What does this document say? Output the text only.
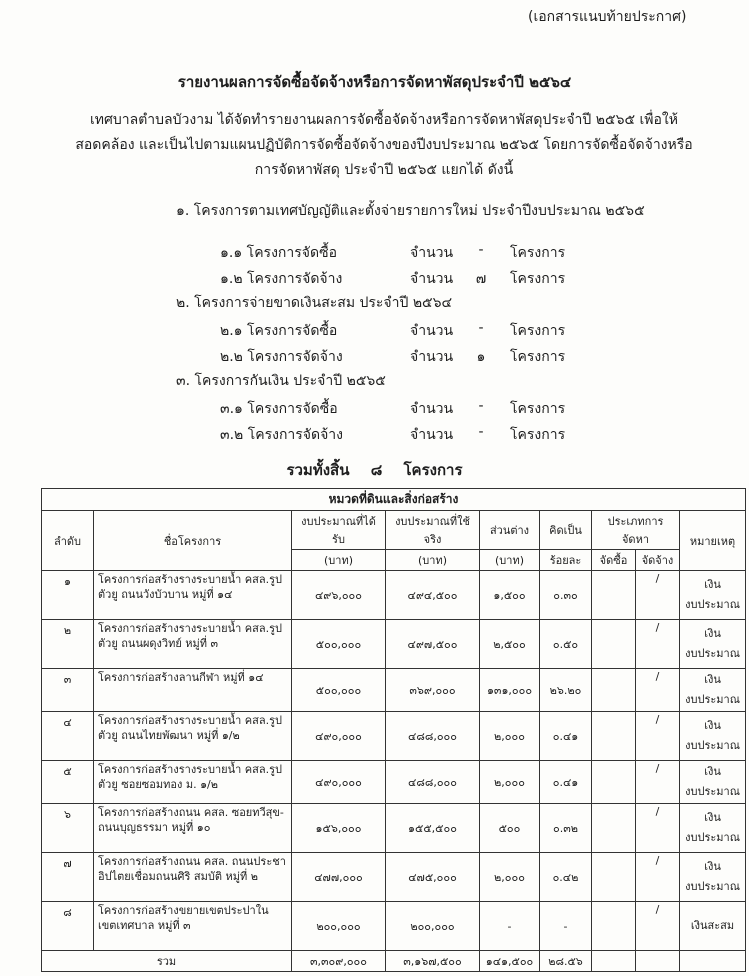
(เอกสารแนบท้ายประกาศ)
รายงานผลการจัดซื้อจัดจ้างหรือการจัดหาพัสดุประจำปี ๒๕๖๔
เทศบาลตำบลบัวงาม ได้จัดทำรายงานผลการจัดซื้อจัดจ้างหรือการจัดหาพัสดุประจำปี ๒๕๖๕ เพื่อให้สอดคล้อง และเป็นไปตามแผนปฏิบัติการจัดซื้อจัดจ้างของปีงบประมาณ ๒๕๖๕ โดยการจัดซื้อจัดจ้างหรือการจัดหาพัสดุ ประจำปี ๒๕๖๕ แยกได้ ดังนี้
๑. โครงการตามเทศบัญญัติและตั้งจ่ายรายการใหม่ ประจำปีงบประมาณ ๒๕๖๕
๒. โครงการจ่ายขาดเงินสะสม ประจำปี ๒๕๖๔
๓. โครงการกันเงิน ประจำปี ๒๕๖๕
๑.๑ โครงการจัดซื้อ	จำนวน	-	โครงการ
๑.๒ โครงการจัดจ้าง	จำนวน	๗	โครงการ
๒.๑ โครงการจัดซื้อ	จำนวน	-	โครงการ
๒.๒ โครงการจัดจ้าง	จำนวน	๑	โครงการ
๓.๑ โครงการจัดซื้อ	จำนวน	-	โครงการ
๓.๒ โครงการจัดจ้าง	จำนวน	-	โครงการ
รวมทั้งสิ้น ๘ โครงการ
หมวดที่ดินและสิ่งก่อสร้าง								
ลำดับ	ชื่อโครงการ	งบประมาณที่ได้รับ	งบประมาณที่ใช้จริง	ส่วนต่าง	คิดเป็น	ประเภทการจัดหา		หมายเหตุ
		(บาท)	(บาท)	(บาท)	ร้อยละ	จัดซื้อ	จัดจ้าง	
๑	โครงการก่อสร้างรางระบายน้ำ คสล.รูปตัวยู ถนนวังบัวบาน หมู่ที่ ๑๔	๔๙๖,๐๐๐	๔๙๔,๕๐๐	๑,๕๐๐	๐.๓๐		/	เงิน
งบประมาณ

๒	โครงการก่อสร้างรางระบายน้ำ คสล.รูปตัวยู ถนนผดุงวิทย์ หมู่ที่ ๓	๕๐๐,๐๐๐	๔๙๗,๕๐๐	๒,๕๐๐	๐.๕๐		/	เงิน
งบประมาณ

๓	โครงการก่อสร้างลานกีฬา หมู่ที่ ๑๔	๕๐๐,๐๐๐	๓๖๙,๐๐๐	๑๓๑,๐๐๐	๒๖.๒๐		/	เงิน
งบประมาณ

๔	โครงการก่อสร้างรางระบายน้ำ คสล.รูปตัวยู ถนนไทยพัฒนา หมู่ที่ ๑/๒	๔๙๐,๐๐๐	๔๘๘,๐๐๐	๒,๐๐๐	๐.๔๑		/	เงิน
งบประมาณ

๕	โครงการก่อสร้างรางระบายน้ำ คสล.รูปตัวยู ซอยซอมทอง ม. ๑/๒	๔๙๐,๐๐๐	๔๘๘,๐๐๐	๒,๐๐๐	๐.๔๑		/	เงิน
งบประมาณ

๖	โครงการก่อสร้างถนน คสล. ซอยทวีสุข-ถนนบุญธรรมา หมู่ที่ ๑๐	๑๕๖,๐๐๐	๑๕๕,๕๐๐	๕๐๐	๐.๓๒		/	เงิน
งบประมาณ

๗	โครงการก่อสร้างถนน คสล. ถนนประชาอิปไตยเชื่อมถนนศิริ สมบัติ หมู่ที่ ๒	๔๗๗,๐๐๐	๔๗๕,๐๐๐	๒,๐๐๐	๐.๔๒		/	เงิน
งบประมาณ

๘	โครงการก่อสร้างขยายเขตประปาใน เขตเทศบาล หมู่ที่ ๓	๒๐๐,๐๐๐	๒๐๐,๐๐๐	-	-		/	เงินสะสม

รวม		๓,๓๐๙,๐๐๐	๓,๑๖๗,๕๐๐	๑๔๑,๕๐๐	๒๘.๕๖			
